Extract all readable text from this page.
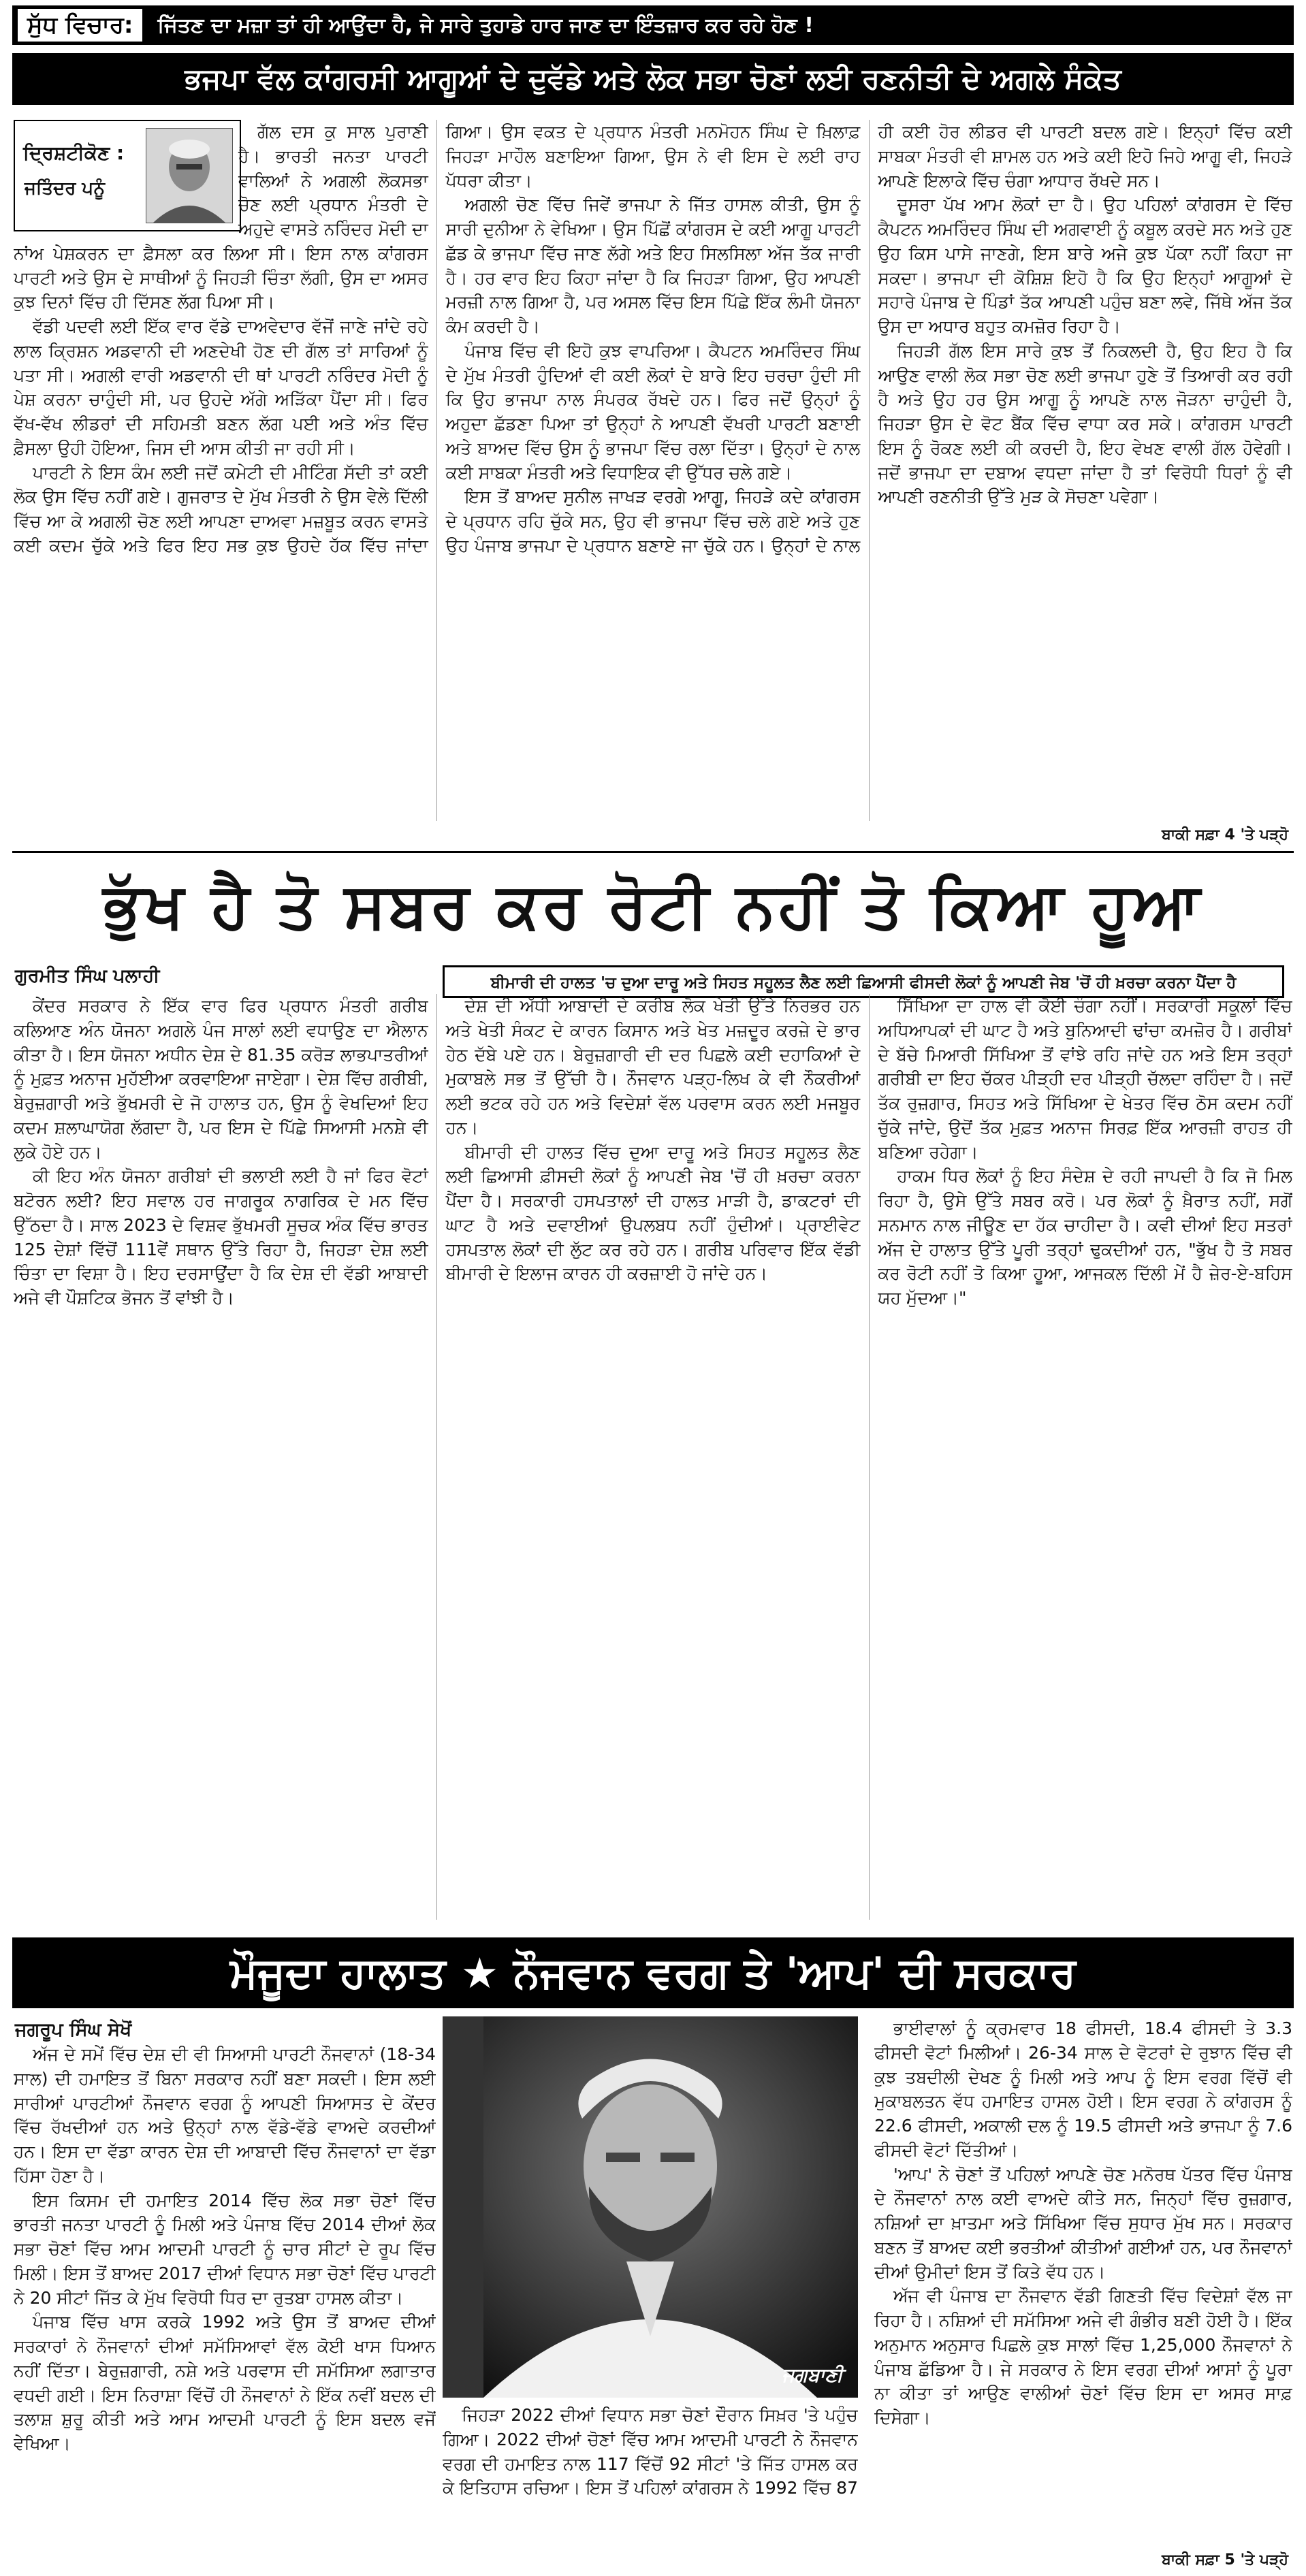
ਸੁੱਧ ਵਿਚਾਰ:	ਜਿੱਤਣ ਦਾ ਮਜ਼ਾ ਤਾਂ ਹੀ ਆਉਂਦਾ ਹੈ, ਜੇ ਸਾਰੇ ਤੁਹਾਡੇ ਹਾਰ ਜਾਣ ਦਾ ਇੰਤਜ਼ਾਰ ਕਰ ਰਹੇ ਹੋਣ !
ਭਜਪਾ ਵੱਲ ਕਾਂਗਰਸੀ ਆਗੂਆਂ ਦੇ ਦੁਵੱਡੇ ਅਤੇ ਲੋਕ ਸਭਾ ਚੋਣਾਂ ਲਈ ਰਣਨੀਤੀ ਦੇ ਅਗਲੇ ਸੰਕੇਤ
ਦ੍ਰਿਸ਼ਟੀਕੋਣ :
ਜਤਿੰਦਰ ਪਨੂੰ

ਗੱਲ ਦਸ ਕੁ ਸਾਲ ਪੁਰਾਣੀ ਹੈ। ਭਾਰਤੀ ਜਨਤਾ ਪਾਰਟੀ ਵਾਲਿਆਂ ਨੇ ਅਗਲੀ ਲੋਕਸਭਾ ਚੋਣ ਲਈ ਪ੍ਰਧਾਨ ਮੰਤਰੀ ਦੇ ਅਹੁਦੇ ਵਾਸਤੇ ਨਰਿੰਦਰ ਮੋਦੀ ਦਾ ਨਾਂਅ ਪੇਸ਼ਕਰਨ ਦਾ ਫ਼ੈਸਲਾ ਕਰ ਲਿਆ ਸੀ। ਇਸ ਨਾਲ ਕਾਂਗਰਸ ਪਾਰਟੀ ਅਤੇ ਉਸ ਦੇ ਸਾਥੀਆਂ ਨੂੰ ਜਿਹੜੀ ਚਿੰਤਾ ਲੱਗੀ, ਉਸ ਦਾ ਅਸਰ ਕੁਝ ਦਿਨਾਂ ਵਿੱਚ ਹੀ ਦਿੱਸਣ ਲੱਗ ਪਿਆ ਸੀ।

ਵੱਡੀ ਪਦਵੀ ਲਈ ਇੱਕ ਵਾਰ ਵੱਡੇ ਦਾਅਵੇਦਾਰ ਵੱਜੋਂ ਜਾਣੇ ਜਾਂਦੇ ਰਹੇ ਲਾਲ ਕ੍ਰਿਸ਼ਨ ਅਡਵਾਨੀ ਦੀ ਅਣਦੇਖੀ ਹੋਣ ਦੀ ਗੱਲ ਤਾਂ ਸਾਰਿਆਂ ਨੂੰ ਪਤਾ ਸੀ। ਅਗਲੀ ਵਾਰੀ ਅਡਵਾਨੀ ਦੀ ਥਾਂ ਪਾਰਟੀ ਨਰਿੰਦਰ ਮੋਦੀ ਨੂੰ ਪੇਸ਼ ਕਰਨਾ ਚਾਹੁੰਦੀ ਸੀ, ਪਰ ਉਹਦੇ ਅੱਗੇ ਅੜਿੱਕਾ ਪੈਂਦਾ ਸੀ। ਫਿਰ ਵੱਖ-ਵੱਖ ਲੀਡਰਾਂ ਦੀ ਸਹਿਮਤੀ ਬਣਨ ਲੱਗ ਪਈ ਅਤੇ ਅੰਤ ਵਿੱਚ ਫ਼ੈਸਲਾ ਉਹੀ ਹੋਇਆ, ਜਿਸ ਦੀ ਆਸ ਕੀਤੀ ਜਾ ਰਹੀ ਸੀ।

ਪਾਰਟੀ ਨੇ ਇਸ ਕੰਮ ਲਈ ਜਦੋਂ ਕਮੇਟੀ ਦੀ ਮੀਟਿੰਗ ਸੱਦੀ ਤਾਂ ਕਈ ਲੋਕ ਉਸ ਵਿੱਚ ਨਹੀਂ ਗਏ। ਗੁਜਰਾਤ ਦੇ ਮੁੱਖ ਮੰਤਰੀ ਨੇ ਉਸ ਵੇਲੇ ਦਿੱਲੀ ਵਿੱਚ ਆ ਕੇ ਅਗਲੀ ਚੋਣ ਲਈ ਆਪਣਾ ਦਾਅਵਾ ਮਜ਼ਬੂਤ ਕਰਨ ਵਾਸਤੇ ਕਈ ਕਦਮ ਚੁੱਕੇ ਅਤੇ ਫਿਰ ਇਹ ਸਭ ਕੁਝ ਉਹਦੇ ਹੱਕ ਵਿੱਚ ਜਾਂਦਾ ਗਿਆ। ਉਸ ਵਕਤ ਦੇ ਪ੍ਰਧਾਨ ਮੰਤਰੀ ਮਨਮੋਹਨ ਸਿੰਘ ਦੇ ਖ਼ਿਲਾਫ਼ ਜਿਹੜਾ ਮਾਹੌਲ ਬਣਾਇਆ ਗਿਆ, ਉਸ ਨੇ ਵੀ ਇਸ ਦੇ ਲਈ ਰਾਹ ਪੱਧਰਾ ਕੀਤਾ।

ਅਗਲੀ ਚੋਣ ਵਿੱਚ ਜਿਵੇਂ ਭਾਜਪਾ ਨੇ ਜਿੱਤ ਹਾਸਲ ਕੀਤੀ, ਉਸ ਨੂੰ ਸਾਰੀ ਦੁਨੀਆ ਨੇ ਵੇਖਿਆ। ਉਸ ਪਿੱਛੋਂ ਕਾਂਗਰਸ ਦੇ ਕਈ ਆਗੂ ਪਾਰਟੀ ਛੱਡ ਕੇ ਭਾਜਪਾ ਵਿੱਚ ਜਾਣ ਲੱਗੇ ਅਤੇ ਇਹ ਸਿਲਸਿਲਾ ਅੱਜ ਤੱਕ ਜਾਰੀ ਹੈ। ਹਰ ਵਾਰ ਇਹ ਕਿਹਾ ਜਾਂਦਾ ਹੈ ਕਿ ਜਿਹੜਾ ਗਿਆ, ਉਹ ਆਪਣੀ ਮਰਜ਼ੀ ਨਾਲ ਗਿਆ ਹੈ, ਪਰ ਅਸਲ ਵਿੱਚ ਇਸ ਪਿੱਛੇ ਇੱਕ ਲੰਮੀ ਯੋਜਨਾ ਕੰਮ ਕਰਦੀ ਹੈ।

ਪੰਜਾਬ ਵਿੱਚ ਵੀ ਇਹੋ ਕੁਝ ਵਾਪਰਿਆ। ਕੈਪਟਨ ਅਮਰਿੰਦਰ ਸਿੰਘ ਦੇ ਮੁੱਖ ਮੰਤਰੀ ਹੁੰਦਿਆਂ ਵੀ ਕਈ ਲੋਕਾਂ ਦੇ ਬਾਰੇ ਇਹ ਚਰਚਾ ਹੁੰਦੀ ਸੀ ਕਿ ਉਹ ਭਾਜਪਾ ਨਾਲ ਸੰਪਰਕ ਰੱਖਦੇ ਹਨ। ਫਿਰ ਜਦੋਂ ਉਨ੍ਹਾਂ ਨੂੰ ਅਹੁਦਾ ਛੱਡਣਾ ਪਿਆ ਤਾਂ ਉਨ੍ਹਾਂ ਨੇ ਆਪਣੀ ਵੱਖਰੀ ਪਾਰਟੀ ਬਣਾਈ ਅਤੇ ਬਾਅਦ ਵਿੱਚ ਉਸ ਨੂੰ ਭਾਜਪਾ ਵਿੱਚ ਰਲਾ ਦਿੱਤਾ। ਉਨ੍ਹਾਂ ਦੇ ਨਾਲ ਕਈ ਸਾਬਕਾ ਮੰਤਰੀ ਅਤੇ ਵਿਧਾਇਕ ਵੀ ਉੱਧਰ ਚਲੇ ਗਏ।

ਇਸ ਤੋਂ ਬਾਅਦ ਸੁਨੀਲ ਜਾਖੜ ਵਰਗੇ ਆਗੂ, ਜਿਹੜੇ ਕਦੇ ਕਾਂਗਰਸ ਦੇ ਪ੍ਰਧਾਨ ਰਹਿ ਚੁੱਕੇ ਸਨ, ਉਹ ਵੀ ਭਾਜਪਾ ਵਿੱਚ ਚਲੇ ਗਏ ਅਤੇ ਹੁਣ ਉਹ ਪੰਜਾਬ ਭਾਜਪਾ ਦੇ ਪ੍ਰਧਾਨ ਬਣਾਏ ਜਾ ਚੁੱਕੇ ਹਨ। ਉਨ੍ਹਾਂ ਦੇ ਨਾਲ ਹੀ ਕਈ ਹੋਰ ਲੀਡਰ ਵੀ ਪਾਰਟੀ ਬਦਲ ਗਏ। ਇਨ੍ਹਾਂ ਵਿੱਚ ਕਈ ਸਾਬਕਾ ਮੰਤਰੀ ਵੀ ਸ਼ਾਮਲ ਹਨ ਅਤੇ ਕਈ ਇਹੋ ਜਿਹੇ ਆਗੂ ਵੀ, ਜਿਹੜੇ ਆਪਣੇ ਇਲਾਕੇ ਵਿੱਚ ਚੰਗਾ ਆਧਾਰ ਰੱਖਦੇ ਸਨ।

ਦੂਸਰਾ ਪੱਖ ਆਮ ਲੋਕਾਂ ਦਾ ਹੈ। ਉਹ ਪਹਿਲਾਂ ਕਾਂਗਰਸ ਦੇ ਵਿੱਚ ਕੈਪਟਨ ਅਮਰਿੰਦਰ ਸਿੰਘ ਦੀ ਅਗਵਾਈ ਨੂੰ ਕਬੂਲ ਕਰਦੇ ਸਨ ਅਤੇ ਹੁਣ ਉਹ ਕਿਸ ਪਾਸੇ ਜਾਣਗੇ, ਇਸ ਬਾਰੇ ਅਜੇ ਕੁਝ ਪੱਕਾ ਨਹੀਂ ਕਿਹਾ ਜਾ ਸਕਦਾ। ਭਾਜਪਾ ਦੀ ਕੋਸ਼ਿਸ਼ ਇਹੋ ਹੈ ਕਿ ਉਹ ਇਨ੍ਹਾਂ ਆਗੂਆਂ ਦੇ ਸਹਾਰੇ ਪੰਜਾਬ ਦੇ ਪਿੰਡਾਂ ਤੱਕ ਆਪਣੀ ਪਹੁੰਚ ਬਣਾ ਲਵੇ, ਜਿੱਥੇ ਅੱਜ ਤੱਕ ਉਸ ਦਾ ਅਧਾਰ ਬਹੁਤ ਕਮਜ਼ੋਰ ਰਿਹਾ ਹੈ।

ਜਿਹੜੀ ਗੱਲ ਇਸ ਸਾਰੇ ਕੁਝ ਤੋਂ ਨਿਕਲਦੀ ਹੈ, ਉਹ ਇਹ ਹੈ ਕਿ ਆਉਣ ਵਾਲੀ ਲੋਕ ਸਭਾ ਚੋਣ ਲਈ ਭਾਜਪਾ ਹੁਣੇ ਤੋਂ ਤਿਆਰੀ ਕਰ ਰਹੀ ਹੈ ਅਤੇ ਉਹ ਹਰ ਉਸ ਆਗੂ ਨੂੰ ਆਪਣੇ ਨਾਲ ਜੋੜਨਾ ਚਾਹੁੰਦੀ ਹੈ, ਜਿਹੜਾ ਉਸ ਦੇ ਵੋਟ ਬੈਂਕ ਵਿੱਚ ਵਾਧਾ ਕਰ ਸਕੇ। ਕਾਂਗਰਸ ਪਾਰਟੀ ਇਸ ਨੂੰ ਰੋਕਣ ਲਈ ਕੀ ਕਰਦੀ ਹੈ, ਇਹ ਵੇਖਣ ਵਾਲੀ ਗੱਲ ਹੋਵੇਗੀ। ਜਦੋਂ ਭਾਜਪਾ ਦਾ ਦਬਾਅ ਵਧਦਾ ਜਾਂਦਾ ਹੈ ਤਾਂ ਵਿਰੋਧੀ ਧਿਰਾਂ ਨੂੰ ਵੀ ਆਪਣੀ ਰਣਨੀਤੀ ਉੱਤੇ ਮੁੜ ਕੇ ਸੋਚਣਾ ਪਵੇਗਾ।

ਬਾਕੀ ਸਫ਼ਾ 4 'ਤੇ ਪੜ੍ਹੋ
ਭੁੱਖ ਹੈ ਤੋ ਸਬਰ ਕਰ ਰੋਟੀ ਨਹੀਂ ਤੋ ਕਿਆ ਹੂਆ
ਗੁਰਮੀਤ ਸਿੰਘ ਪਲਾਹੀ	ਬੀਮਾਰੀ ਦੀ ਹਾਲਤ 'ਚ ਦੁਆ ਦਾਰੂ ਅਤੇ ਸਿਹਤ ਸਹੂਲਤ ਲੈਣ ਲਈ ਛਿਆਸੀ ਫੀਸਦੀ ਲੋਕਾਂ ਨੂੰ ਆਪਣੀ ਜੇਬ 'ਚੋਂ ਹੀ ਖ਼ਰਚਾ ਕਰਨਾ ਪੈਂਦਾ ਹੈ

ਕੇਂਦਰ ਸਰਕਾਰ ਨੇ ਇੱਕ ਵਾਰ ਫਿਰ ਪ੍ਰਧਾਨ ਮੰਤਰੀ ਗਰੀਬ ਕਲਿਆਣ ਅੰਨ ਯੋਜਨਾ ਅਗਲੇ ਪੰਜ ਸਾਲਾਂ ਲਈ ਵਧਾਉਣ ਦਾ ਐਲਾਨ ਕੀਤਾ ਹੈ। ਇਸ ਯੋਜਨਾ ਅਧੀਨ ਦੇਸ਼ ਦੇ 81.35 ਕਰੋੜ ਲਾਭਪਾਤਰੀਆਂ ਨੂੰ ਮੁਫ਼ਤ ਅਨਾਜ ਮੁਹੱਈਆ ਕਰਵਾਇਆ ਜਾਏਗਾ। ਦੇਸ਼ ਵਿੱਚ ਗਰੀਬੀ, ਬੇਰੁਜ਼ਗਾਰੀ ਅਤੇ ਭੁੱਖਮਰੀ ਦੇ ਜੋ ਹਾਲਾਤ ਹਨ, ਉਸ ਨੂੰ ਵੇਖਦਿਆਂ ਇਹ ਕਦਮ ਸ਼ਲਾਘਾਯੋਗ ਲੱਗਦਾ ਹੈ, ਪਰ ਇਸ ਦੇ ਪਿੱਛੇ ਸਿਆਸੀ ਮਨਸ਼ੇ ਵੀ ਲੁਕੇ ਹੋਏ ਹਨ।

ਕੀ ਇਹ ਅੰਨ ਯੋਜਨਾ ਗਰੀਬਾਂ ਦੀ ਭਲਾਈ ਲਈ ਹੈ ਜਾਂ ਫਿਰ ਵੋਟਾਂ ਬਟੋਰਨ ਲਈ? ਇਹ ਸਵਾਲ ਹਰ ਜਾਗਰੂਕ ਨਾਗਰਿਕ ਦੇ ਮਨ ਵਿੱਚ ਉੱਠਦਾ ਹੈ। ਸਾਲ 2023 ਦੇ ਵਿਸ਼ਵ ਭੁੱਖਮਰੀ ਸੂਚਕ ਅੰਕ ਵਿੱਚ ਭਾਰਤ 125 ਦੇਸ਼ਾਂ ਵਿੱਚੋਂ 111ਵੇਂ ਸਥਾਨ ਉੱਤੇ ਰਿਹਾ ਹੈ, ਜਿਹੜਾ ਦੇਸ਼ ਲਈ ਚਿੰਤਾ ਦਾ ਵਿਸ਼ਾ ਹੈ। ਇਹ ਦਰਸਾਉਂਦਾ ਹੈ ਕਿ ਦੇਸ਼ ਦੀ ਵੱਡੀ ਆਬਾਦੀ ਅਜੇ ਵੀ ਪੌਸ਼ਟਿਕ ਭੋਜਨ ਤੋਂ ਵਾਂਝੀ ਹੈ।

ਦੇਸ਼ ਦੀ ਅੱਧੀ ਆਬਾਦੀ ਦੇ ਕਰੀਬ ਲੋਕ ਖੇਤੀ ਉੱਤੇ ਨਿਰਭਰ ਹਨ ਅਤੇ ਖੇਤੀ ਸੰਕਟ ਦੇ ਕਾਰਨ ਕਿਸਾਨ ਅਤੇ ਖੇਤ ਮਜ਼ਦੂਰ ਕਰਜ਼ੇ ਦੇ ਭਾਰ ਹੇਠ ਦੱਬੇ ਪਏ ਹਨ। ਬੇਰੁਜ਼ਗਾਰੀ ਦੀ ਦਰ ਪਿਛਲੇ ਕਈ ਦਹਾਕਿਆਂ ਦੇ ਮੁਕਾਬਲੇ ਸਭ ਤੋਂ ਉੱਚੀ ਹੈ। ਨੌਜਵਾਨ ਪੜ੍ਹ-ਲਿਖ ਕੇ ਵੀ ਨੌਕਰੀਆਂ ਲਈ ਭਟਕ ਰਹੇ ਹਨ ਅਤੇ ਵਿਦੇਸ਼ਾਂ ਵੱਲ ਪਰਵਾਸ ਕਰਨ ਲਈ ਮਜਬੂਰ ਹਨ।

ਬੀਮਾਰੀ ਦੀ ਹਾਲਤ ਵਿੱਚ ਦੁਆ ਦਾਰੂ ਅਤੇ ਸਿਹਤ ਸਹੂਲਤ ਲੈਣ ਲਈ ਛਿਆਸੀ ਫ਼ੀਸਦੀ ਲੋਕਾਂ ਨੂੰ ਆਪਣੀ ਜੇਬ 'ਚੋਂ ਹੀ ਖ਼ਰਚਾ ਕਰਨਾ ਪੈਂਦਾ ਹੈ। ਸਰਕਾਰੀ ਹਸਪਤਾਲਾਂ ਦੀ ਹਾਲਤ ਮਾੜੀ ਹੈ, ਡਾਕਟਰਾਂ ਦੀ ਘਾਟ ਹੈ ਅਤੇ ਦਵਾਈਆਂ ਉਪਲਬਧ ਨਹੀਂ ਹੁੰਦੀਆਂ। ਪ੍ਰਾਈਵੇਟ ਹਸਪਤਾਲ ਲੋਕਾਂ ਦੀ ਲੁੱਟ ਕਰ ਰਹੇ ਹਨ। ਗਰੀਬ ਪਰਿਵਾਰ ਇੱਕ ਵੱਡੀ ਬੀਮਾਰੀ ਦੇ ਇਲਾਜ ਕਾਰਨ ਹੀ ਕਰਜ਼ਾਈ ਹੋ ਜਾਂਦੇ ਹਨ।

ਸਿੱਖਿਆ ਦਾ ਹਾਲ ਵੀ ਕੋਈ ਚੰਗਾ ਨਹੀਂ। ਸਰਕਾਰੀ ਸਕੂਲਾਂ ਵਿੱਚ ਅਧਿਆਪਕਾਂ ਦੀ ਘਾਟ ਹੈ ਅਤੇ ਬੁਨਿਆਦੀ ਢਾਂਚਾ ਕਮਜ਼ੋਰ ਹੈ। ਗਰੀਬਾਂ ਦੇ ਬੱਚੇ ਮਿਆਰੀ ਸਿੱਖਿਆ ਤੋਂ ਵਾਂਝੇ ਰਹਿ ਜਾਂਦੇ ਹਨ ਅਤੇ ਇਸ ਤਰ੍ਹਾਂ ਗਰੀਬੀ ਦਾ ਇਹ ਚੱਕਰ ਪੀੜ੍ਹੀ ਦਰ ਪੀੜ੍ਹੀ ਚੱਲਦਾ ਰਹਿੰਦਾ ਹੈ। ਜਦੋਂ ਤੱਕ ਰੁਜ਼ਗਾਰ, ਸਿਹਤ ਅਤੇ ਸਿੱਖਿਆ ਦੇ ਖੇਤਰ ਵਿੱਚ ਠੋਸ ਕਦਮ ਨਹੀਂ ਚੁੱਕੇ ਜਾਂਦੇ, ਉਦੋਂ ਤੱਕ ਮੁਫ਼ਤ ਅਨਾਜ ਸਿਰਫ਼ ਇੱਕ ਆਰਜ਼ੀ ਰਾਹਤ ਹੀ ਬਣਿਆ ਰਹੇਗਾ।

ਹਾਕਮ ਧਿਰ ਲੋਕਾਂ ਨੂੰ ਇਹ ਸੰਦੇਸ਼ ਦੇ ਰਹੀ ਜਾਪਦੀ ਹੈ ਕਿ ਜੋ ਮਿਲ ਰਿਹਾ ਹੈ, ਉਸੇ ਉੱਤੇ ਸਬਰ ਕਰੋ। ਪਰ ਲੋਕਾਂ ਨੂੰ ਖ਼ੈਰਾਤ ਨਹੀਂ, ਸਗੋਂ ਸਨਮਾਨ ਨਾਲ ਜੀਊਣ ਦਾ ਹੱਕ ਚਾਹੀਦਾ ਹੈ। ਕਵੀ ਦੀਆਂ ਇਹ ਸਤਰਾਂ ਅੱਜ ਦੇ ਹਾਲਾਤ ਉੱਤੇ ਪੂਰੀ ਤਰ੍ਹਾਂ ਢੁਕਦੀਆਂ ਹਨ, "ਭੁੱਖ ਹੈ ਤੋ ਸਬਰ ਕਰ ਰੋਟੀ ਨਹੀਂ ਤੋ ਕਿਆ ਹੂਆ, ਆਜਕਲ ਦਿੱਲੀ ਮੇਂ ਹੈ ਜ਼ੇਰ-ਏ-ਬਹਿਸ ਯਹ ਮੁੱਦਆ।"

ਮੌਜੂਦਾ ਹਾਲਾਤ ★ ਨੌਜਵਾਨ ਵਰਗ ਤੇ 'ਆਪ' ਦੀ ਸਰਕਾਰ
ਜਗਰੂਪ ਸਿੰਘ ਸੇਖੋਂ
ਜਗਬਾਣੀ

ਅੱਜ ਦੇ ਸਮੇਂ ਵਿੱਚ ਦੇਸ਼ ਦੀ ਵੀ ਸਿਆਸੀ ਪਾਰਟੀ ਨੌਜਵਾਨਾਂ (18-34 ਸਾਲ) ਦੀ ਹਮਾਇਤ ਤੋਂ ਬਿਨਾ ਸਰਕਾਰ ਨਹੀਂ ਬਣਾ ਸਕਦੀ। ਇਸ ਲਈ ਸਾਰੀਆਂ ਪਾਰਟੀਆਂ ਨੌਜਵਾਨ ਵਰਗ ਨੂੰ ਆਪਣੀ ਸਿਆਸਤ ਦੇ ਕੇਂਦਰ ਵਿੱਚ ਰੱਖਦੀਆਂ ਹਨ ਅਤੇ ਉਨ੍ਹਾਂ ਨਾਲ ਵੱਡੇ-ਵੱਡੇ ਵਾਅਦੇ ਕਰਦੀਆਂ ਹਨ। ਇਸ ਦਾ ਵੱਡਾ ਕਾਰਨ ਦੇਸ਼ ਦੀ ਆਬਾਦੀ ਵਿੱਚ ਨੌਜਵਾਨਾਂ ਦਾ ਵੱਡਾ ਹਿੱਸਾ ਹੋਣਾ ਹੈ।

ਇਸ ਕਿਸਮ ਦੀ ਹਮਾਇਤ 2014 ਵਿੱਚ ਲੋਕ ਸਭਾ ਚੋਣਾਂ ਵਿੱਚ ਭਾਰਤੀ ਜਨਤਾ ਪਾਰਟੀ ਨੂੰ ਮਿਲੀ ਅਤੇ ਪੰਜਾਬ ਵਿੱਚ 2014 ਦੀਆਂ ਲੋਕ ਸਭਾ ਚੋਣਾਂ ਵਿੱਚ ਆਮ ਆਦਮੀ ਪਾਰਟੀ ਨੂੰ ਚਾਰ ਸੀਟਾਂ ਦੇ ਰੂਪ ਵਿੱਚ ਮਿਲੀ। ਇਸ ਤੋਂ ਬਾਅਦ 2017 ਦੀਆਂ ਵਿਧਾਨ ਸਭਾ ਚੋਣਾਂ ਵਿੱਚ ਪਾਰਟੀ ਨੇ 20 ਸੀਟਾਂ ਜਿੱਤ ਕੇ ਮੁੱਖ ਵਿਰੋਧੀ ਧਿਰ ਦਾ ਰੁਤਬਾ ਹਾਸਲ ਕੀਤਾ।

ਪੰਜਾਬ ਵਿੱਚ ਖਾਸ ਕਰਕੇ 1992 ਅਤੇ ਉਸ ਤੋਂ ਬਾਅਦ ਦੀਆਂ ਸਰਕਾਰਾਂ ਨੇ ਨੌਜਵਾਨਾਂ ਦੀਆਂ ਸਮੱਸਿਆਵਾਂ ਵੱਲ ਕੋਈ ਖਾਸ ਧਿਆਨ ਨਹੀਂ ਦਿੱਤਾ। ਬੇਰੁਜ਼ਗਾਰੀ, ਨਸ਼ੇ ਅਤੇ ਪਰਵਾਸ ਦੀ ਸਮੱਸਿਆ ਲਗਾਤਾਰ ਵਧਦੀ ਗਈ। ਇਸ ਨਿਰਾਸ਼ਾ ਵਿੱਚੋਂ ਹੀ ਨੌਜਵਾਨਾਂ ਨੇ ਇੱਕ ਨਵੀਂ ਬਦਲ ਦੀ ਤਲਾਸ਼ ਸ਼ੁਰੂ ਕੀਤੀ ਅਤੇ ਆਮ ਆਦਮੀ ਪਾਰਟੀ ਨੂੰ ਇਸ ਬਦਲ ਵਜੋਂ ਵੇਖਿਆ।

ਜਿਹੜਾ 2022 ਦੀਆਂ ਵਿਧਾਨ ਸਭਾ ਚੋਣਾਂ ਦੌਰਾਨ ਸਿਖ਼ਰ 'ਤੇ ਪਹੁੰਚ ਗਿਆ। 2022 ਦੀਆਂ ਚੋਣਾਂ ਵਿੱਚ ਆਮ ਆਦਮੀ ਪਾਰਟੀ ਨੇ ਨੌਜਵਾਨ ਵਰਗ ਦੀ ਹਮਾਇਤ ਨਾਲ 117 ਵਿੱਚੋਂ 92 ਸੀਟਾਂ 'ਤੇ ਜਿੱਤ ਹਾਸਲ ਕਰ ਕੇ ਇਤਿਹਾਸ ਰਚਿਆ। ਇਸ ਤੋਂ ਪਹਿਲਾਂ ਕਾਂਗਰਸ ਨੇ 1992 ਵਿੱਚ 87

ਭਾਈਵਾਲਾਂ ਨੂੰ ਕ੍ਰਮਵਾਰ 18 ਫੀਸਦੀ, 18.4 ਫੀਸਦੀ ਤੇ 3.3 ਫੀਸਦੀ ਵੋਟਾਂ ਮਿਲੀਆਂ। 26-34 ਸਾਲ ਦੇ ਵੋਟਰਾਂ ਦੇ ਰੁਝਾਨ ਵਿੱਚ ਵੀ ਕੁਝ ਤਬਦੀਲੀ ਦੇਖਣ ਨੂੰ ਮਿਲੀ ਅਤੇ ਆਪ ਨੂੰ ਇਸ ਵਰਗ ਵਿੱਚੋਂ ਵੀ ਮੁਕਾਬਲਤਨ ਵੱਧ ਹਮਾਇਤ ਹਾਸਲ ਹੋਈ। ਇਸ ਵਰਗ ਨੇ ਕਾਂਗਰਸ ਨੂੰ 22.6 ਫੀਸਦੀ, ਅਕਾਲੀ ਦਲ ਨੂੰ 19.5 ਫੀਸਦੀ ਅਤੇ ਭਾਜਪਾ ਨੂੰ 7.6 ਫੀਸਦੀ ਵੋਟਾਂ ਦਿੱਤੀਆਂ।

'ਆਪ' ਨੇ ਚੋਣਾਂ ਤੋਂ ਪਹਿਲਾਂ ਆਪਣੇ ਚੋਣ ਮਨੋਰਥ ਪੱਤਰ ਵਿੱਚ ਪੰਜਾਬ ਦੇ ਨੌਜਵਾਨਾਂ ਨਾਲ ਕਈ ਵਾਅਦੇ ਕੀਤੇ ਸਨ, ਜਿਨ੍ਹਾਂ ਵਿੱਚ ਰੁਜ਼ਗਾਰ, ਨਸ਼ਿਆਂ ਦਾ ਖ਼ਾਤਮਾ ਅਤੇ ਸਿੱਖਿਆ ਵਿੱਚ ਸੁਧਾਰ ਮੁੱਖ ਸਨ। ਸਰਕਾਰ ਬਣਨ ਤੋਂ ਬਾਅਦ ਕਈ ਭਰਤੀਆਂ ਕੀਤੀਆਂ ਗਈਆਂ ਹਨ, ਪਰ ਨੌਜਵਾਨਾਂ ਦੀਆਂ ਉਮੀਦਾਂ ਇਸ ਤੋਂ ਕਿਤੇ ਵੱਧ ਹਨ।

ਅੱਜ ਵੀ ਪੰਜਾਬ ਦਾ ਨੌਜਵਾਨ ਵੱਡੀ ਗਿਣਤੀ ਵਿੱਚ ਵਿਦੇਸ਼ਾਂ ਵੱਲ ਜਾ ਰਿਹਾ ਹੈ। ਨਸ਼ਿਆਂ ਦੀ ਸਮੱਸਿਆ ਅਜੇ ਵੀ ਗੰਭੀਰ ਬਣੀ ਹੋਈ ਹੈ। ਇੱਕ ਅਨੁਮਾਨ ਅਨੁਸਾਰ ਪਿਛਲੇ ਕੁਝ ਸਾਲਾਂ ਵਿੱਚ 1,25,000 ਨੌਜਵਾਨਾਂ ਨੇ ਪੰਜਾਬ ਛੱਡਿਆ ਹੈ। ਜੇ ਸਰਕਾਰ ਨੇ ਇਸ ਵਰਗ ਦੀਆਂ ਆਸਾਂ ਨੂੰ ਪੂਰਾ ਨਾ ਕੀਤਾ ਤਾਂ ਆਉਣ ਵਾਲੀਆਂ ਚੋਣਾਂ ਵਿੱਚ ਇਸ ਦਾ ਅਸਰ ਸਾਫ਼ ਦਿਸੇਗਾ।

ਬਾਕੀ ਸਫ਼ਾ 5 'ਤੇ ਪੜ੍ਹੋ
